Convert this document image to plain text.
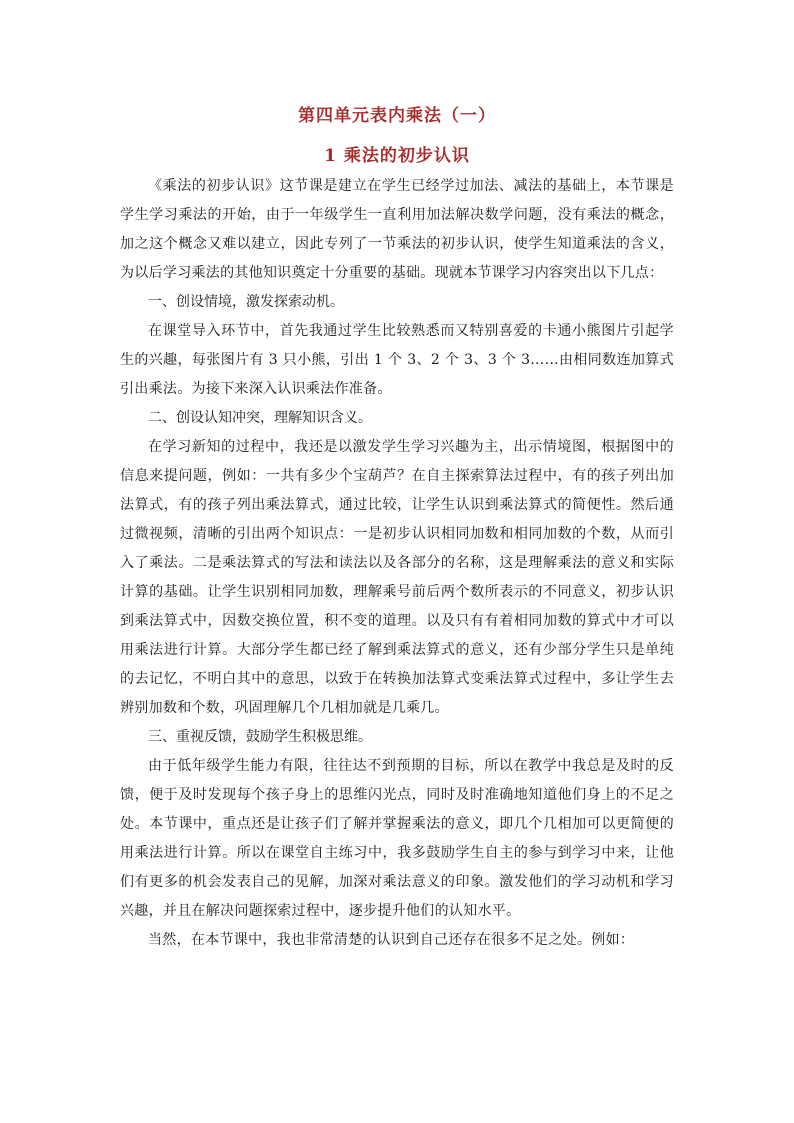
第四单元表内乘法（一）
1 乘法的初步认识

《乘法的初步认识》这节课是建立在学生已经学过加法、减法的基础上，本节课是学生学习乘法的开始，由于一年级学生一直利用加法解决数学问题，没有乘法的概念，加之这个概念又难以建立，因此专列了一节乘法的初步认识，使学生知道乘法的含义，为以后学习乘法的其他知识奠定十分重要的基础。现就本节课学习内容突出以下几点：

一、创设情境，激发探索动机。

在课堂导入环节中，首先我通过学生比较熟悉而又特别喜爱的卡通小熊图片引起学生的兴趣，每张图片有 3 只小熊，引出 1 个 3、2 个 3、3 个 3……由相同数连加算式引出乘法。为接下来深入认识乘法作准备。

二、创设认知冲突，理解知识含义。

在学习新知的过程中，我还是以激发学生学习兴趣为主，出示情境图，根据图中的信息来提问题，例如：一共有多少个宝葫芦？在自主探索算法过程中，有的孩子列出加法算式，有的孩子列出乘法算式，通过比较，让学生认识到乘法算式的简便性。然后通过微视频，清晰的引出两个知识点：一是初步认识相同加数和相同加数的个数，从而引入了乘法。二是乘法算式的写法和读法以及各部分的名称，这是理解乘法的意义和实际计算的基础。让学生识别相同加数，理解乘号前后两个数所表示的不同意义，初步认识到乘法算式中，因数交换位置，积不变的道理。以及只有有着相同加数的算式中才可以用乘法进行计算。大部分学生都已经了解到乘法算式的意义，还有少部分学生只是单纯的去记忆，不明白其中的意思，以致于在转换加法算式变乘法算式过程中，多让学生去辨别加数和个数，巩固理解几个几相加就是几乘几。

三、重视反馈，鼓励学生积极思维。

由于低年级学生能力有限，往往达不到预期的目标，所以在教学中我总是及时的反馈，便于及时发现每个孩子身上的思维闪光点，同时及时准确地知道他们身上的不足之处。本节课中，重点还是让孩子们了解并掌握乘法的意义，即几个几相加可以更简便的用乘法进行计算。所以在课堂自主练习中，我多鼓励学生自主的参与到学习中来，让他们有更多的机会发表自己的见解，加深对乘法意义的印象。激发他们的学习动机和学习兴趣，并且在解决问题探索过程中，逐步提升他们的认知水平。

当然，在本节课中，我也非常清楚的认识到自己还存在很多不足之处。例如：
